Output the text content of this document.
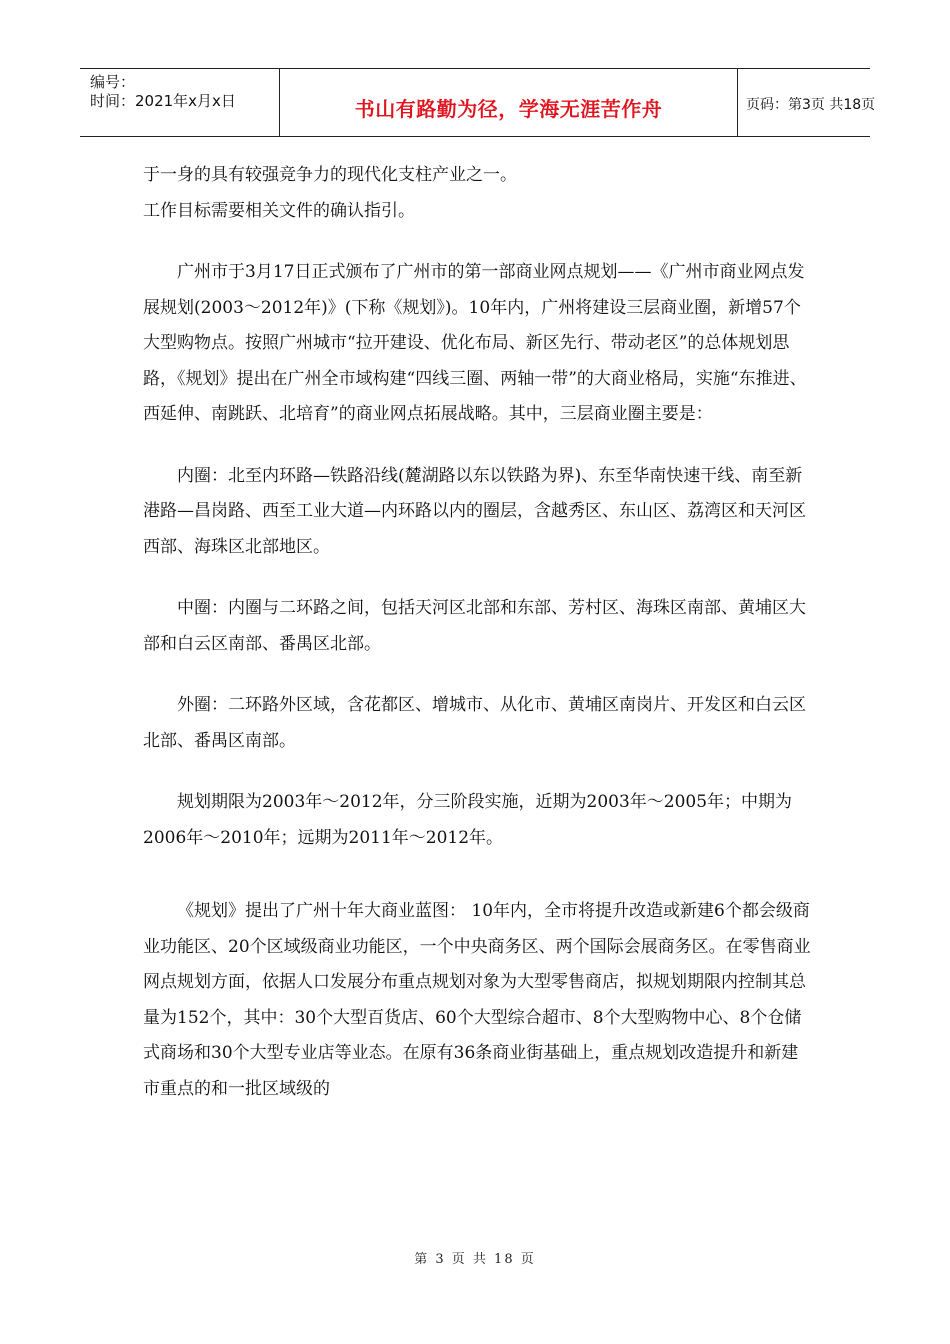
编号：
时间：2021年x月x日	书山有路勤为径，学海无涯苦作舟	页码：第3页 共18页

于一身的具有较强竞争力的现代化支柱产业之一。

工作目标需要相关文件的确认指引。

广州市于3月17日正式颁布了广州市的第一部商业网点规划——《广州市商业网点发展规划(2003～2012年)》(下称《规划》)。10年内，广州将建设三层商业圈，新增57个大型购物点。按照广州城市“拉开建设、优化布局、新区先行、带动老区”的总体规划思路，《规划》提出在广州全市域构建“四线三圈、两轴一带”的大商业格局，实施“东推进、西延伸、南跳跃、北培育”的商业网点拓展战略。其中，三层商业圈主要是：

内圈：北至内环路—铁路沿线(麓湖路以东以铁路为界)、东至华南快速干线、南至新港路—昌岗路、西至工业大道—内环路以内的圈层，含越秀区、东山区、荔湾区和天河区西部、海珠区北部地区。

中圈：内圈与二环路之间，包括天河区北部和东部、芳村区、海珠区南部、黄埔区大部和白云区南部、番禺区北部。

外圈：二环路外区域，含花都区、增城市、从化市、黄埔区南岗片、开发区和白云区北部、番禺区南部。

规划期限为2003年～2012年，分三阶段实施，近期为2003年～2005年；中期为2006年～2010年；远期为2011年～2012年。

《规划》提出了广州十年大商业蓝图： 10年内，全市将提升改造或新建6个都会级商业功能区、20个区域级商业功能区，一个中央商务区、两个国际会展商务区。在零售商业网点规划方面，依据人口发展分布重点规划对象为大型零售商店，拟规划期限内控制其总量为152个，其中：30个大型百货店、60个大型综合超市、8个大型购物中心、8个仓储式商场和30个大型专业店等业态。在原有36条商业街基础上，重点规划改造提升和新建市重点的和一批区域级的

第 3 页 共 18 页
